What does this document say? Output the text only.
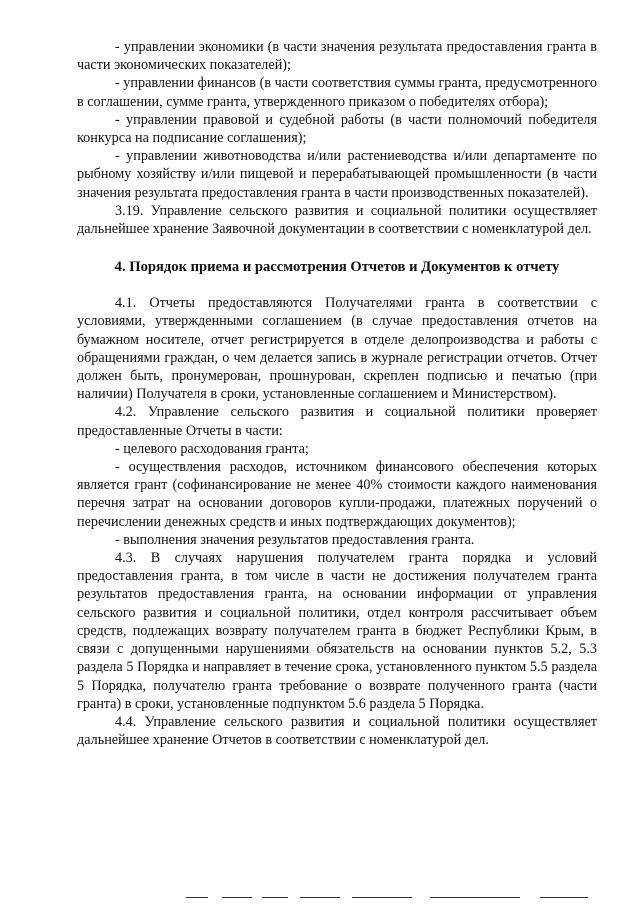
- управлении экономики (в части значения результата предоставления гранта в части экономических показателей);

- управлении финансов (в части соответствия суммы гранта, предусмотренного в соглашении, сумме гранта, утвержденного приказом о победителях отбора);

- управлении правовой и судебной работы (в части полномочий победителя конкурса на подписание соглашения);

- управлении животноводства и/или растениеводства и/или департаменте по рыбному хозяйству и/или пищевой и перерабатывающей промышленности (в части значения результата предоставления гранта в части производственных показателей).

3.19. Управление сельского развития и социальной политики осуществляет дальнейшее хранение Заявочной документации в соответствии с номенклатурой дел.

4. Порядок приема и рассмотрения Отчетов и Документов к отчету

4.1. Отчеты предоставляются Получателями гранта в соответствии с условиями, утвержденными соглашением (в случае предоставления отчетов на бумажном носителе, отчет регистрируется в отделе делопроизводства и работы с обращениями граждан, о чем делается запись в журнале регистрации отчетов. Отчет должен быть, пронумерован, прошнурован, скреплен подписью и печатью (при наличии) Получателя в сроки, установленные соглашением и Министерством).

4.2. Управление сельского развития и социальной политики проверяет предоставленные Отчеты в части:

- целевого расходования гранта;

- осуществления расходов, источником финансового обеспечения которых является грант (софинансирование не менее 40% стоимости каждого наименования перечня затрат на основании договоров купли-продажи, платежных поручений о перечислении денежных средств и иных подтверждающих документов);

- выполнения значения результатов предоставления гранта.

4.3. В случаях нарушения получателем гранта порядка и условий предоставления гранта, в том числе в части не достижения получателем гранта результатов предоставления гранта, на основании информации от управления сельского развития и социальной политики, отдел контроля рассчитывает объем средств, подлежащих возврату получателем гранта в бюджет Республики Крым, в связи с допущенными нарушениями обязательств на основании пунктов 5.2, 5.3 раздела 5 Порядка и направляет в течение срока, установленного пунктом 5.5 раздела 5 Порядка, получателю гранта требование о возврате полученного гранта (части гранта) в сроки, установленные подпунктом 5.6 раздела 5 Порядка.

4.4. Управление сельского развития и социальной политики осуществляет дальнейшее хранение Отчетов в соответствии с номенклатурой дел.
